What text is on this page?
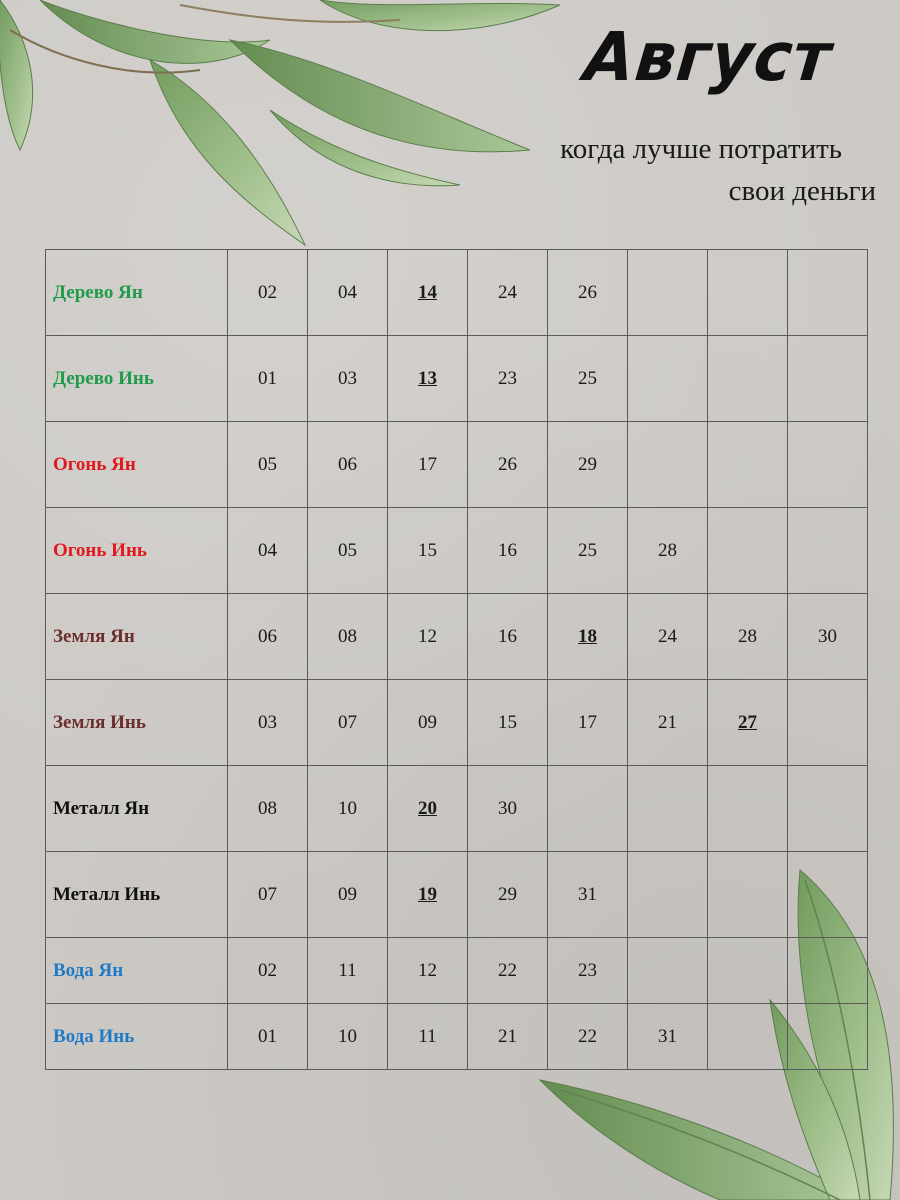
Август
когда лучше потратить
свои деньги
Дерево Ян	02	04	14	24	26			
Дерево Инь	01	03	13	23	25			
Огонь Ян	05	06	17	26	29			
Огонь Инь	04	05	15	16	25	28		
Земля Ян	06	08	12	16	18	24	28	30
Земля Инь	03	07	09	15	17	21	27	
Металл Ян	08	10	20	30				
Металл Инь	07	09	19	29	31			
Вода Ян	02	11	12	22	23			
Вода Инь	01	10	11	21	22	31		
